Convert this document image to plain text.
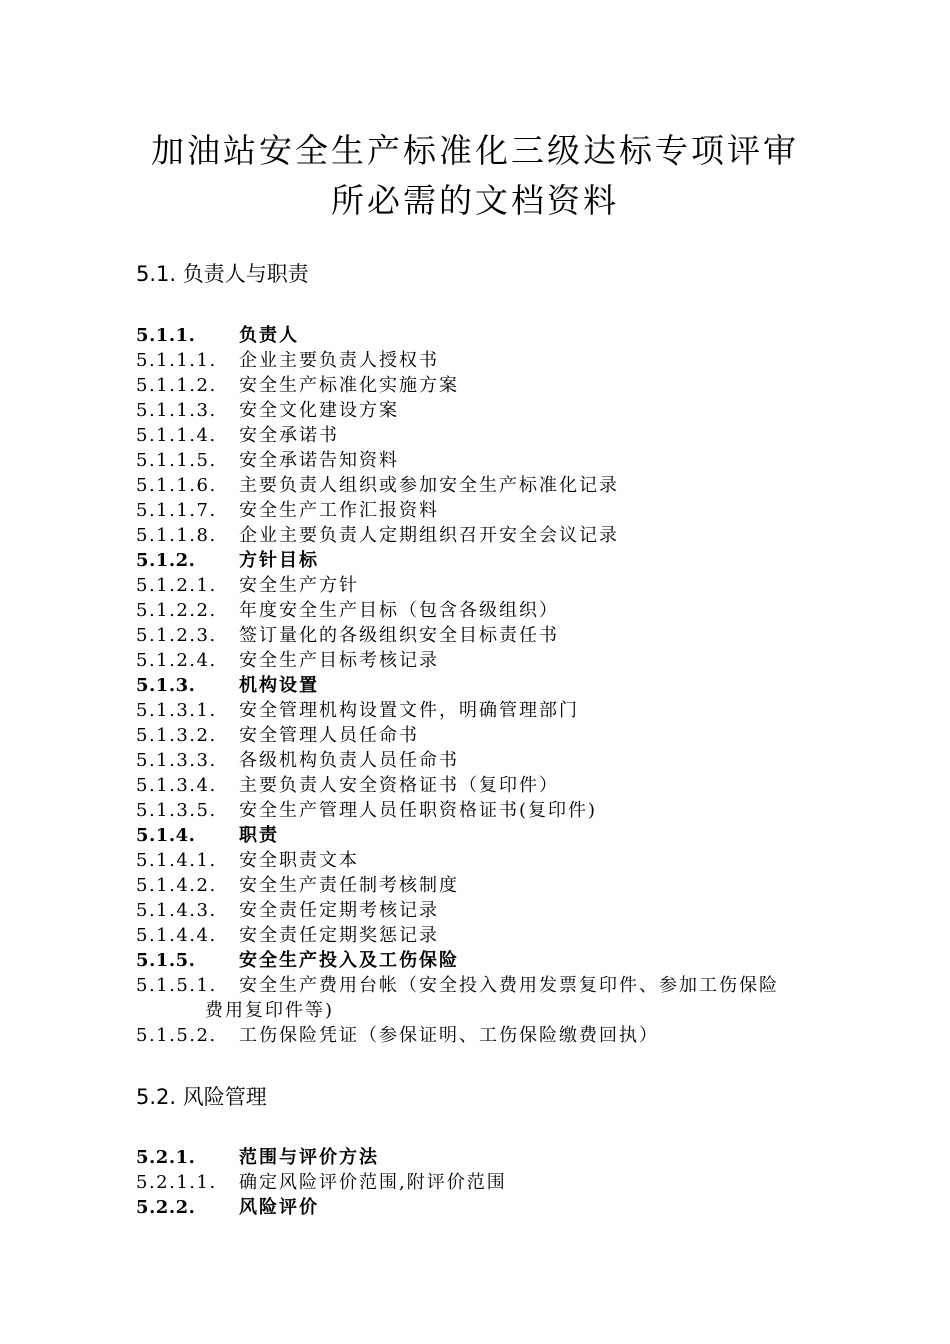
加油站安全生产标准化三级达标专项评审
所必需的文档资料
5.1. 负责人与职责
5.1.1.	负责人
5.1.1.1.	企业主要负责人授权书
5.1.1.2.	安全生产标准化实施方案
5.1.1.3.	安全文化建设方案
5.1.1.4.	安全承诺书
5.1.1.5.	安全承诺告知资料
5.1.1.6.	主要负责人组织或参加安全生产标准化记录
5.1.1.7.	安全生产工作汇报资料
5.1.1.8.	企业主要负责人定期组织召开安全会议记录
5.1.2.	方针目标
5.1.2.1.	安全生产方针
5.1.2.2.	年度安全生产目标（包含各级组织）
5.1.2.3.	签订量化的各级组织安全目标责任书
5.1.2.4.	安全生产目标考核记录
5.1.3.	机构设置
5.1.3.1.	安全管理机构设置文件，明确管理部门
5.1.3.2.	安全管理人员任命书
5.1.3.3.	各级机构负责人员任命书
5.1.3.4.	主要负责人安全资格证书（复印件）
5.1.3.5.	安全生产管理人员任职资格证书(复印件)
5.1.4.	职责
5.1.4.1.	安全职责文本
5.1.4.2.	安全生产责任制考核制度
5.1.4.3.	安全责任定期考核记录
5.1.4.4.	安全责任定期奖惩记录
5.1.5.	安全生产投入及工伤保险
5.1.5.1.	安全生产费用台帐（安全投入费用发票复印件、参加工伤保险
费用复印件等)
5.1.5.2.	工伤保险凭证（参保证明、工伤保险缴费回执）
5.2. 风险管理
5.2.1.	范围与评价方法
5.2.1.1.	确定风险评价范围,附评价范围
5.2.2.	风险评价
